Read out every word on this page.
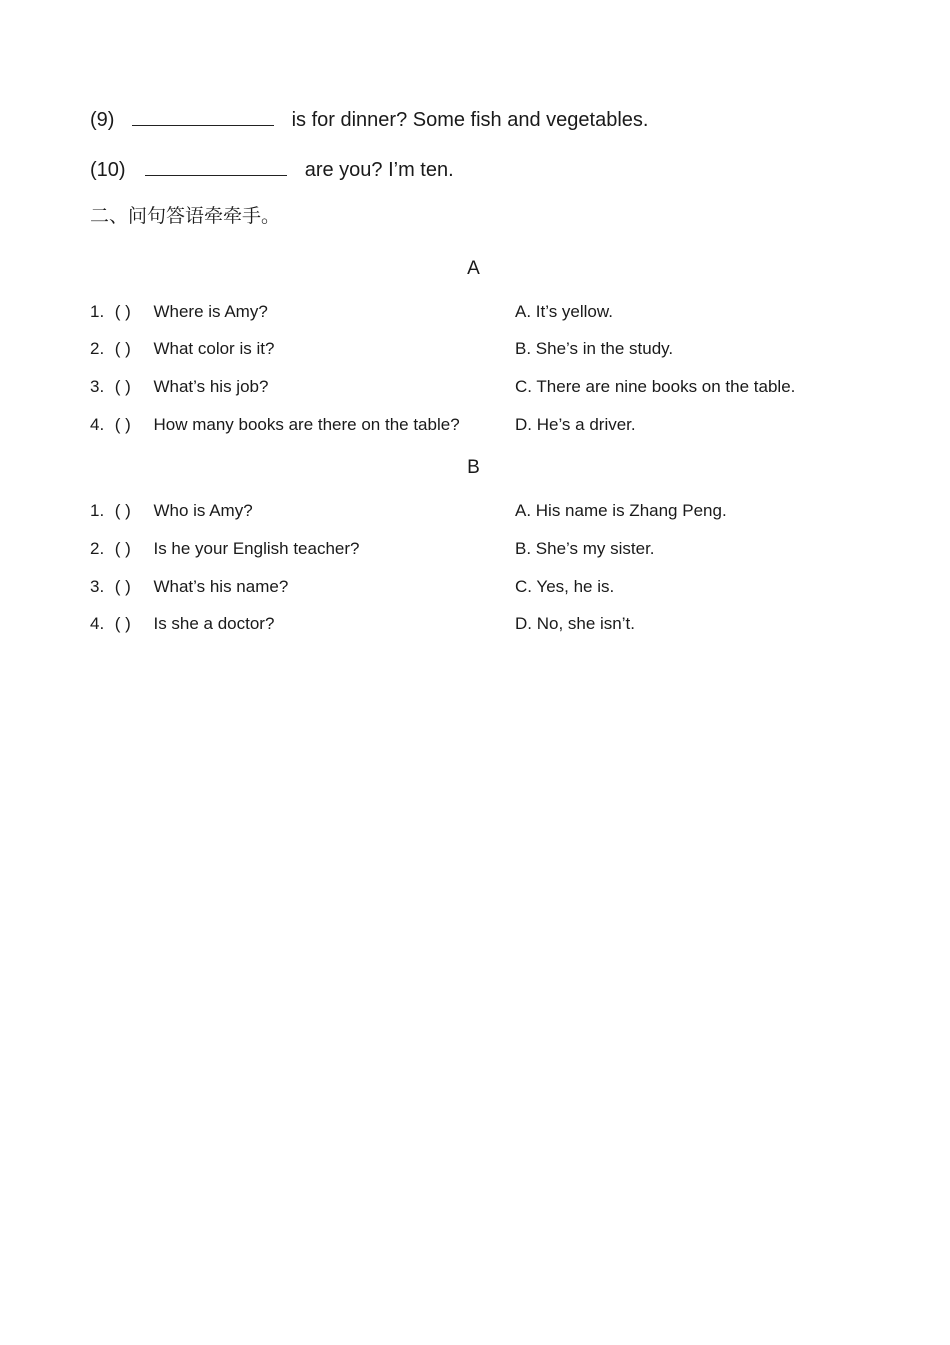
(9)	is for dinner? Some fish and vegetables.
(10)	are you? I’m ten.
二、问句答语牵牵手。
A
1. ( ) Where is Amy?
2. ( ) What color is it?
3. ( ) What’s his job?
4. ( ) How many books are there on the table?
A. It’s yellow.
B. She’s in the study.
C. There are nine books on the table.
D. He’s a driver.
B
1. ( ) Who is Amy?
2. ( ) Is he your English teacher?
3. ( ) What’s his name?
4. ( ) Is she a doctor?
A. His name is Zhang Peng.
B. She’s my sister.
C. Yes, he is.
D. No, she isn’t.
